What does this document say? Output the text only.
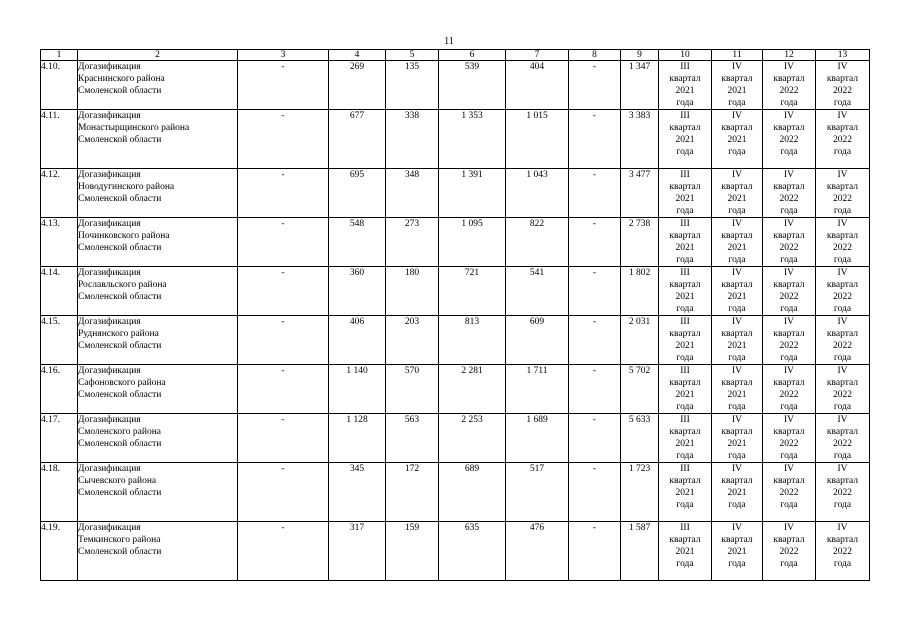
11
1	2	3	4	5	6	7	8	9	10	11	12	13
4.10.	Догазификация
Краснинского района
Смоленской области	-	269	135	539	404	-	1 347	III
квартал
2021
года	IV
квартал
2021
года	IV
квартал
2022
года	IV
квартал
2022
года

4.11.	Догазификация
Монастырщинского района
Смоленской области	-	677	338	1 353	1 015	-	3 383	III
квартал
2021
года	IV
квартал
2021
года	IV
квартал
2022
года	IV
квартал
2022
года

4.12.	Догазификация
Новодугинского района
Смоленской области	-	695	348	1 391	1 043	-	3 477	III
квартал
2021
года	IV
квартал
2021
года	IV
квартал
2022
года	IV
квартал
2022
года

4.13.	Догазификация
Починковского района
Смоленской области	-	548	273	1 095	822	-	2 738	III
квартал
2021
года	IV
квартал
2021
года	IV
квартал
2022
года	IV
квартал
2022
года

4.14.	Догазификация
Рославльского района
Смоленской области	-	360	180	721	541	-	1 802	III
квартал
2021
года	IV
квартал
2021
года	IV
квартал
2022
года	IV
квартал
2022
года

4.15.	Догазификация
Руднянского района
Смоленской области	-	406	203	813	609	-	2 031	III
квартал
2021
года	IV
квартал
2021
года	IV
квартал
2022
года	IV
квартал
2022
года

4.16.	Догазификация
Сафоновского района
Смоленской области	-	1 140	570	2 281	1 711	-	5 702	III
квартал
2021
года	IV
квартал
2021
года	IV
квартал
2022
года	IV
квартал
2022
года

4.17.	Догазификация
Смоленского района
Смоленской области	-	1 128	563	2 253	1 689	-	5 633	III
квартал
2021
года	IV
квартал
2021
года	IV
квартал
2022
года	IV
квартал
2022
года

4.18.	Догазификация
Сычевского района
Смоленской области	-	345	172	689	517	-	1 723	III
квартал
2021
года	IV
квартал
2021
года	IV
квартал
2022
года	IV
квартал
2022
года

4.19.	Догазификация
Темкинского района
Смоленской области	-	317	159	635	476	-	1 587	III
квартал
2021
года	IV
квартал
2021
года	IV
квартал
2022
года	IV
квартал
2022
года
